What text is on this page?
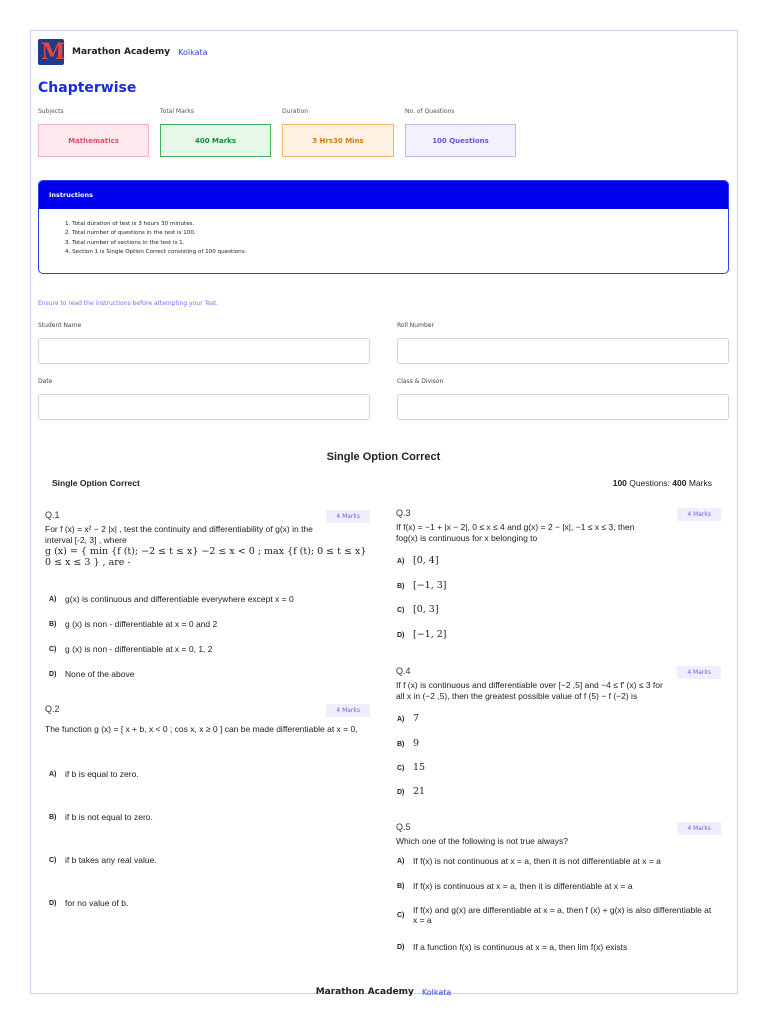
M
Marathon Academy Kolkata
Chapterwise
Subjects	Total Marks	Duration	No. of Questions
Mathematics	400 Marks	3 Hrs30 Mins	100 Questions
Instructions
1. Total duration of test is 3 hours 30 minutes.
2. Total number of questions in the test is 100.
3. Total number of sections in the test is 1.
4. Section 1 is Single Option Correct consisting of 100 questions.
Ensure to read the instructions before attempting your Test.
Student Name	Roll Number
Date	Class & Divison
Single Option Correct
Single Option Correct	100 Questions: 400 Marks
Q.1	4 Marks
For f (x) = x² − 2 |x| , test the continuity and differentiability of g(x) in the
interval [-2, 3] , where
g (x) = { min {f (t); −2 ≤ t ≤ x} −2 ≤ x < 0 ; max {f (t); 0 ≤ t ≤ x} 0 ≤ x ≤ 3 } , are -
A)	g(x) is continuous and differentiable everywhere except x = 0
B)	g (x) is non - differentiable at x = 0 and 2
C)	g (x) is non - differentiable at x = 0, 1, 2
D)	None of the above
Q.2	4 Marks
The function g (x) = [ x + b, x < 0 ; cos x, x ≥ 0 ] can be made differentiable at x = 0,
A)	if b is equal to zero.
B)	if b is not equal to zero.
C)	if b takes any real value.
D)	for no value of b.
Q.3	4 Marks
If f(x) = −1 + |x − 2|, 0 ≤ x ≤ 4 and g(x) = 2 − |x|, −1 ≤ x ≤ 3, then
fog(x) is continuous for x belonging to
A) [0, 4]
B) [−1, 3]
C) [0, 3]
D) [−1, 2]
Q.4	4 Marks
If f (x) is continuous and differentiable over [−2 ,5] and −4 ≤ f′ (x) ≤ 3 for
all x in (−2 ,5), then the greatest possible value of f (5) − f (−2) is
A) 7
B) 9
C) 15
D) 21
Q.5	4 Marks
Which one of the following is not true always?
A)	If f(x) is not continuous at x = a, then it is not differentiable at x = a
B)	If f(x) is continuous at x = a, then it is differentiable at x = a
C)	If f(x) and g(x) are differentiable at x = a, then f (x) + g(x) is also differentiable at x = a
D)	If a function f(x) is continuous at x = a, then lim f(x) exists
Marathon Academy Kolkata
